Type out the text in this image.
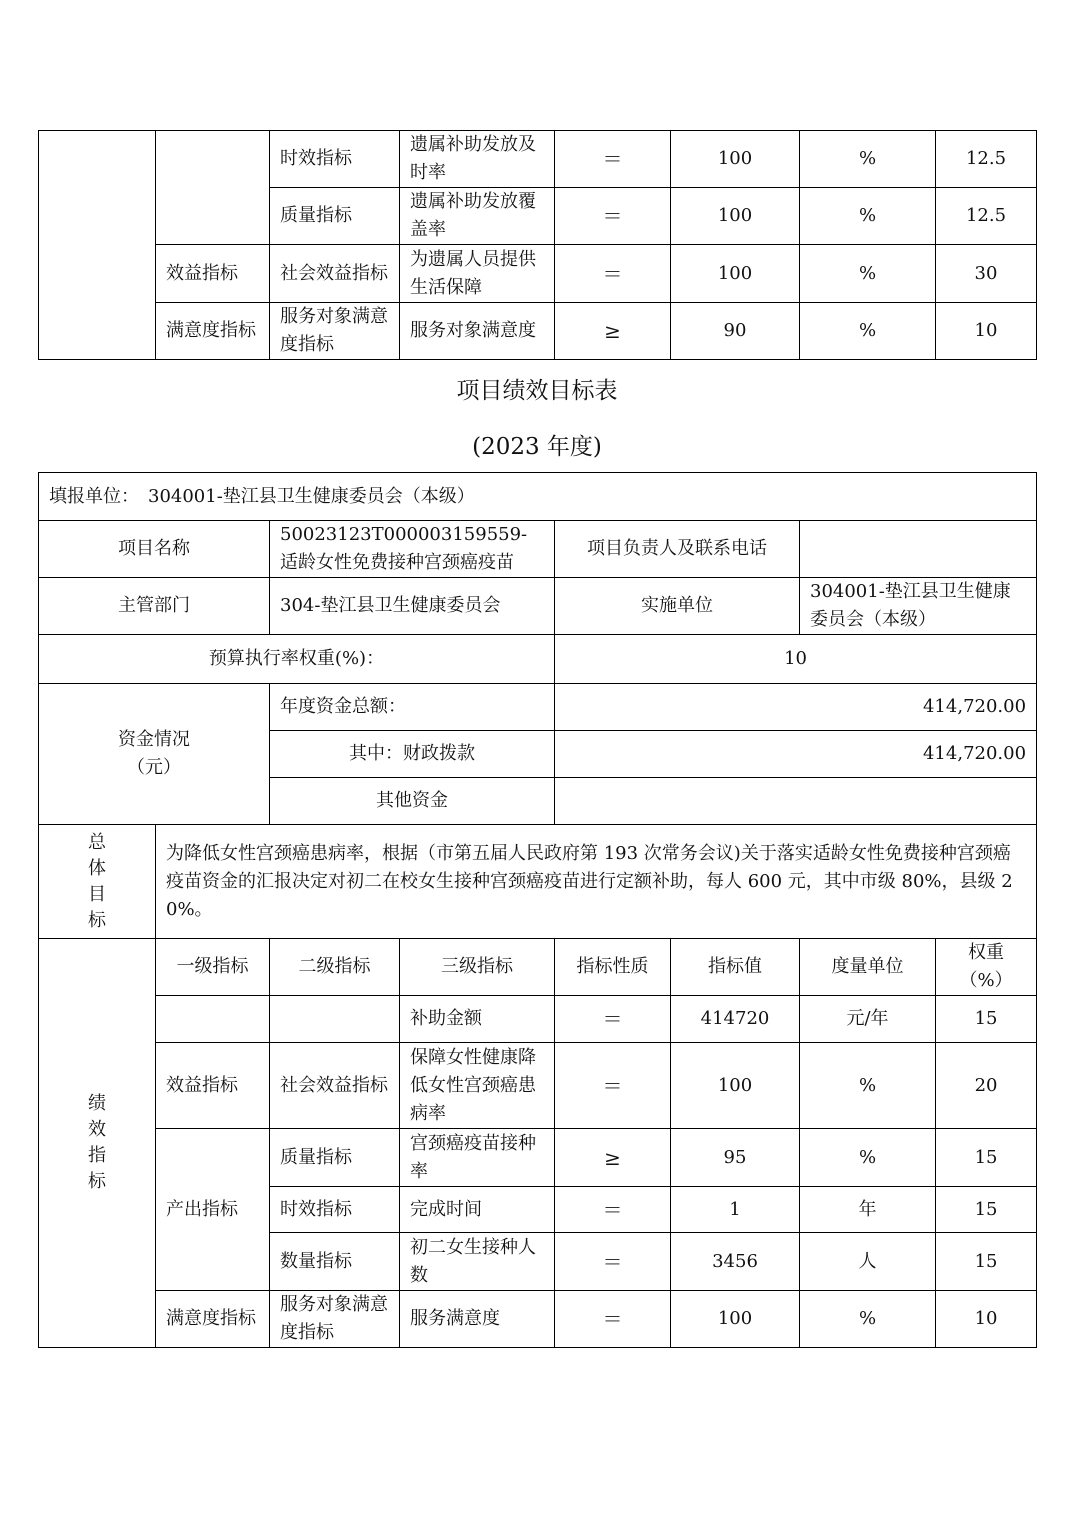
		时效指标	遗属补助发放及时率	＝	100	%	12.5
		质量指标	遗属补助发放覆盖率	＝	100	%	12.5
	效益指标	社会效益指标	为遗属人员提供生活保障	＝	100	%	30
	满意度指标	服务对象满意度指标	服务对象满意度	≥	90	%	10
项目绩效目标表
(2023 年度)
填报单位：　304001-垫江县卫生健康委员会（本级）							
项目名称		50023123T000003159559-适龄女性免费接种宫颈癌疫苗		项目负责人及联系电话			
主管部门		304-垫江县卫生健康委员会		实施单位		304001-垫江县卫生健康委员会（本级）	
预算执行率权重(%)：				10			

资金情况
（元）		年度资金总额：		414,720.00			
		其中：财政拨款		414,720.00			
		其他资金					

总
体
目
标	为降低女性宫颈癌患病率，根据（市第五届人民政府第 193 次常务会议)关于落实适龄女性免费接种宫颈癌疫苗资金的汇报决定对初二在校女生接种宫颈癌疫苗进行定额补助，每人 600 元，其中市级 80%，县级 20%。						

绩
效
指
标	一级指标	二级指标	三级指标	指标性质	指标值	度量单位	权重（%）
			补助金额	＝	414720	元/年	15
	效益指标	社会效益指标	保障女性健康降低女性宫颈癌患病率	＝	100	%	20
	产出指标	质量指标	宫颈癌疫苗接种率	≥	95	%	15
		时效指标	完成时间	＝	1	年	15
		数量指标	初二女生接种人数	＝	3456	人	15
	满意度指标	服务对象满意度指标	服务满意度	＝	100	%	10
